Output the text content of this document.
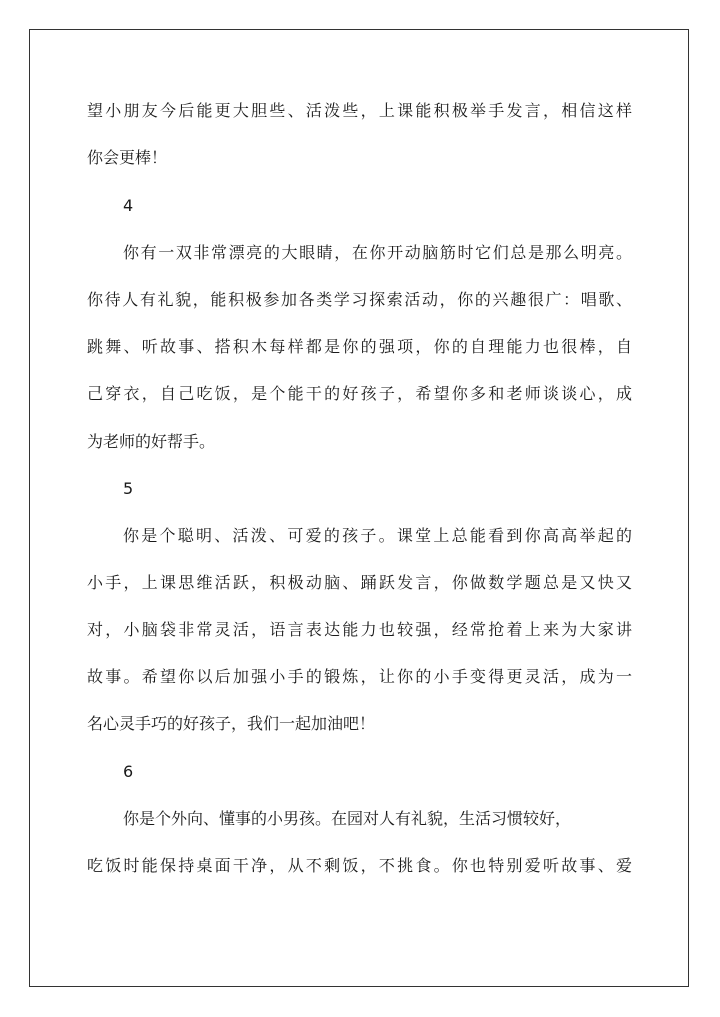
望小朋友今后能更大胆些、活泼些，上课能积极举手发言，相信这样
你会更棒！
4
你有一双非常漂亮的大眼睛，在你开动脑筋时它们总是那么明亮。
你待人有礼貌，能积极参加各类学习探索活动，你的兴趣很广：唱歌、
跳舞、听故事、搭积木每样都是你的强项，你的自理能力也很棒，自
己穿衣，自己吃饭，是个能干的好孩子，希望你多和老师谈谈心，成
为老师的好帮手。
5
你是个聪明、活泼、可爱的孩子。课堂上总能看到你高高举起的
小手，上课思维活跃，积极动脑、踊跃发言，你做数学题总是又快又
对，小脑袋非常灵活，语言表达能力也较强，经常抢着上来为大家讲
故事。希望你以后加强小手的锻炼，让你的小手变得更灵活，成为一
名心灵手巧的好孩子，我们一起加油吧！
6
你是个外向、懂事的小男孩。在园对人有礼貌，生活习惯较好，
吃饭时能保持桌面干净，从不剩饭，不挑食。你也特别爱听故事、爱
